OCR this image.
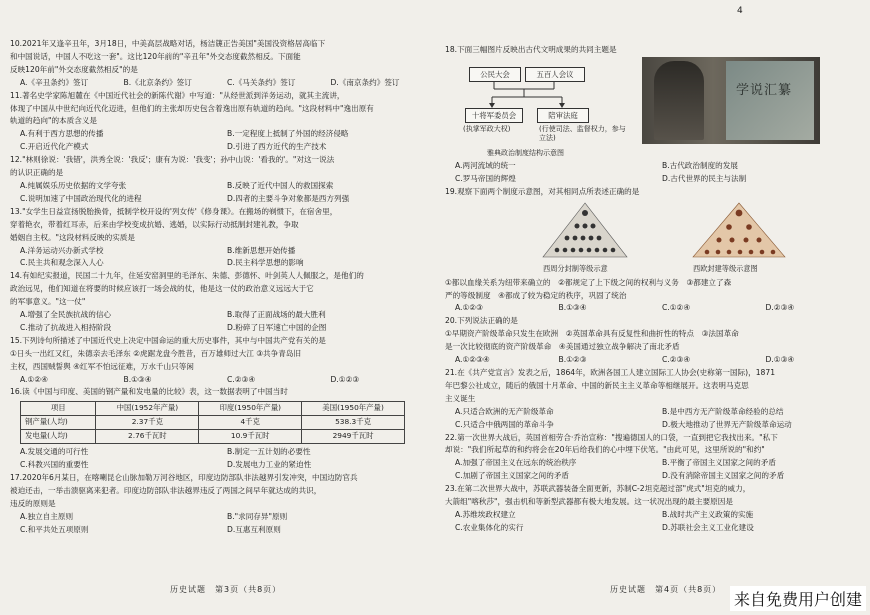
4

10.2021年又逢辛丑年，3月18日，中美高层战略对话，杨洁篪正告美国"美国没资格居高临下

和中国说话，中国人不吃这一套"。这比120年前的"辛丑年"外交态度截然相反。下面能

反映120年前"外交态度截然相反"的是

A.《辛丑条约》签订	B.《北京条约》签订	C.《马关条约》签订	D.《南京条约》签订

11.著名史学家陈旭麓在《中国近代社会的新陈代谢》中写道："从经世派到洋务运动，就其主流讲，

体现了中国从中世纪向近代化迈进，但他们的主张却历史包含着逸出原有轨道的趋向。"这段材料中"逸出原有

轨道的趋向"的本质含义是

A.有利于西方思想的传播	B.一定程度上抵制了外国的经济侵略
C.开启近代化产模式	D.引进了西方近代的生产技术

12."林则徐说：'我错'，洪秀全说：'我反'；康有为说：'我变'；孙中山说：'看我的'。"对这一说法

的认识正确的是

A.纯属娱乐历史依据的文学夸张	B.反映了近代中国人的救国探索
C.说明加速了中国政治现代化的进程	D.四者的主要斗争对象都是西方列强

13."女学生日益宣扬脱胎换骨，抵制学校开设的'列女传'《修身课》。在搬场的剃惯下，在宿舍里，

穿着艳衣，带着红耳赤，后来由学校变成抗婚、逃婚，以实际行动抵制封建礼教，争取

婚姻自主权。"这段材料反映的实质是

A.洋务运动兴办新式学校	B.维新思想开始传播
C.民主共和观念深入人心	D.民主科学思想的影响

14.有如纪实报道，民国二十九年，住延安窑洞里的毛泽东、朱德、彭德怀、叶剑英人人佩服之，是他们的

政治远见，他们知道在将要的时候应该打一场会战的仗，他是这一仗的政治意义远远大于它

的军事意义。"这一仗"

A.增强了全民族抗战的信心	B.取得了正面战场的最大胜利
C.推动了抗战进入相持阶段	D.粉碎了日军速亡中国的企图

15.下列诗句所描述了中国近代史上决定中国命运的重大历史事件，其中与中国共产党有关的是

①日头一出红又红，朱德亲去毛泽东 ②虎踞龙盘今胜昔，百万雄师过大江 ③共争青岛旧

主权，西国贼誓舆 ④红军不怕远征难，万水千山只等闲

A.①②④	B.①③④	C.②③④	D.①②③

16.读《中国与印度、美国的钢产量和发电量的比较》表，这一数据表明了中国当时

项目	中国(1952年产量)	印度(1950年产量)	美国(1950年产量)
钢产量(人均)	2.37千克	4千克	538.3千克
发电量(人均)	2.76千瓦时	10.9千瓦时	2949千瓦时
A.发展交通的可行性	B.制定一五计划的必要性
C.科教兴国的重要性	D.发展电力工业的紧迫性

17.2020年6月某日，在喀喇昆仑山脉加勒万河谷地区，印度边防部队非法越界引发冲突，中国边防官兵

被迫还击，一举击溃驱离来犯者。印度边防部队非法越界违反了两国之间早年就达成的共识，

违反的原则是

A.独立自主原则	B."求同存异"原则
C.和平共处五项原则	D.互惠互利原则
历史试题　第3页（共8页）

18.下面三幅图片反映出古代文明成果的共同主题是

公民大会	五百人会议
十将军委员会	陪审法庭
(执掌军政大权)	(行使司法、监督权力，参与立法)
雅典政治制度结构示意图
学说汇纂
A.两河流域的统一	B.古代政治制度的发展
C.罗马帝国的辉煌	D.古代世界的民主与法制

19.观察下面两个制度示意图，对其相同点所表述正确的是

西周分封制等级示意	西欧封建等级示意图

①都以血缘关系为纽带来确立的　②都规定了上下级之间的权利与义务　③都建立了森

严的等级制度　④都成了较为稳定的秩序，巩固了统治

A.①②③	B.①③④	C.①②④	D.②③④

20.下列说法正确的是

①早期资产阶级革命只发生在欧洲　②英国革命具有反复性和曲折性的特点　③法国革命

是一次比较彻底的资产阶级革命　④美国通过独立战争解决了南北矛盾

A.①②③④	B.①②③	C.②③④	D.①③④

21.在《共产党宣言》发表之后，1864年，欧洲各国工人建立国际工人协会(史称第一国际)，1871

年巴黎公社成立，随后的俄国十月革命、中国的新民主主义革命等相继展开。这表明马克思

主义诞生

A.只适合欧洲的无产阶级革命	B.是中西方无产阶级革命经验的总结
C.只适合中俄两国的革命斗争	D.极大地推动了世界无产阶级革命运动

22.第一次世界大战后，英国首相劳合·乔治宣称："搜遍德国人的口袋，一直到把它我找出来。"私下

却说："我们所起草的和约将会在20年后给我们的心中埋下伏笔。"由此可见，这里所说的"和约"

A.加强了帝国主义在远东的统治秩序	B.平衡了帝国主义国家之间的矛盾
C.加剧了帝国主义国家之间的矛盾	D.没有消除帝国主义国家之间的矛盾

23.在第二次世界大战中，苏联武器装备全面更新，苏制C-2坦克超过部"虎式"坦克的威力，

大箭组"喀秋莎"，强击机和等新型武器都有极大地发展。这一状况出现的最主要原因是

A.苏维埃政权建立	B.战时共产主义政策的实施
C.农业集体化的实行	D.苏联社会主义工业化建设
历史试题　第4页（共8页）
来自免费用户创建
